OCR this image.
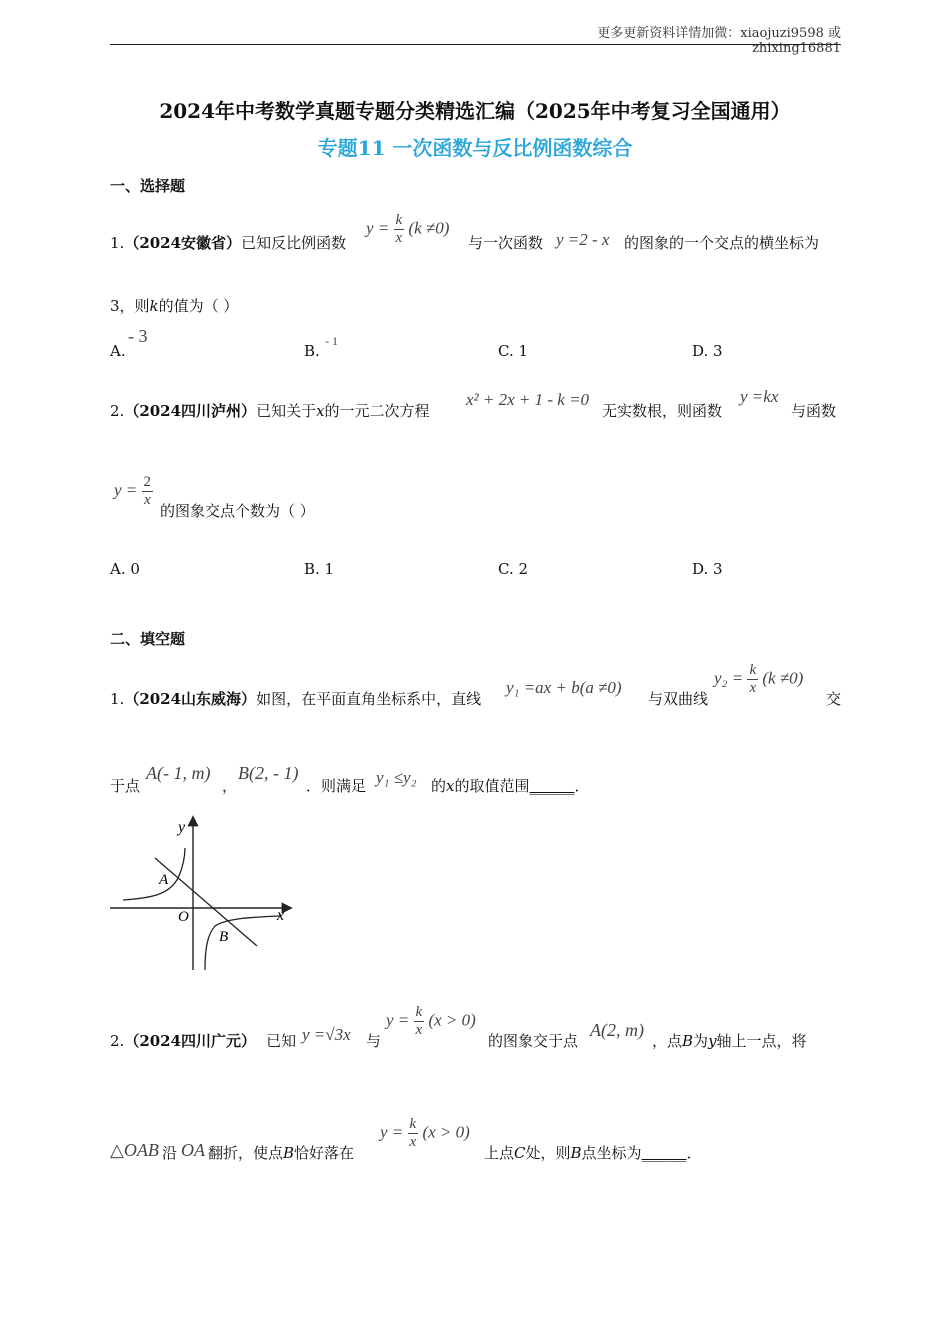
更多更新资料详情加微：xiaojuzi9598 或 zhixing16881
2024年中考数学真题专题分类精选汇编（2025年中考复习全国通用）
专题11 一次函数与反比例函数综合
一、选择题
1.（2024安徽省）已知反比例函数
$y = \frac{k}{x} (k \ne 0)$
与一次函数 y =2 - x 的图象的一个交点的横坐标为
3，则k的值为（ ）
A.
- 3
B.
- 1
C. 1	D. 3
2.（2024四川泸州）已知关于x的一元二次方程
x² + 2x + 1 - k =0
无实数根，则函数
y =kx
与函数
$y = \frac{2}{x}$
的图象交点个数为（ ）
A. 0	B. 1	C. 2	D. 3
二、填空题
1.（2024山东威海）如图，在平面直角坐标系中，直线
y₁ =ax + b(a ≠0)
与双曲线
$y_2 = \frac{k}{x} (k \ne 0)$
交
于点
A(- 1, m)
，
B(2, - 1)
．则满足 y₁ ≤y₂ 的x的取值范围______．
y
x
O
A
B
2.（2024四川广元） 已知 y =√3x 与
$y = \frac{k}{x} (x > 0)$
的图象交于点
A(2, m)
，点B为y轴上一点，将
△OAB 沿 OA 翻折，使点B恰好落在
$y = \frac{k}{x} (x > 0)$
上点C处，则B点坐标为______．
